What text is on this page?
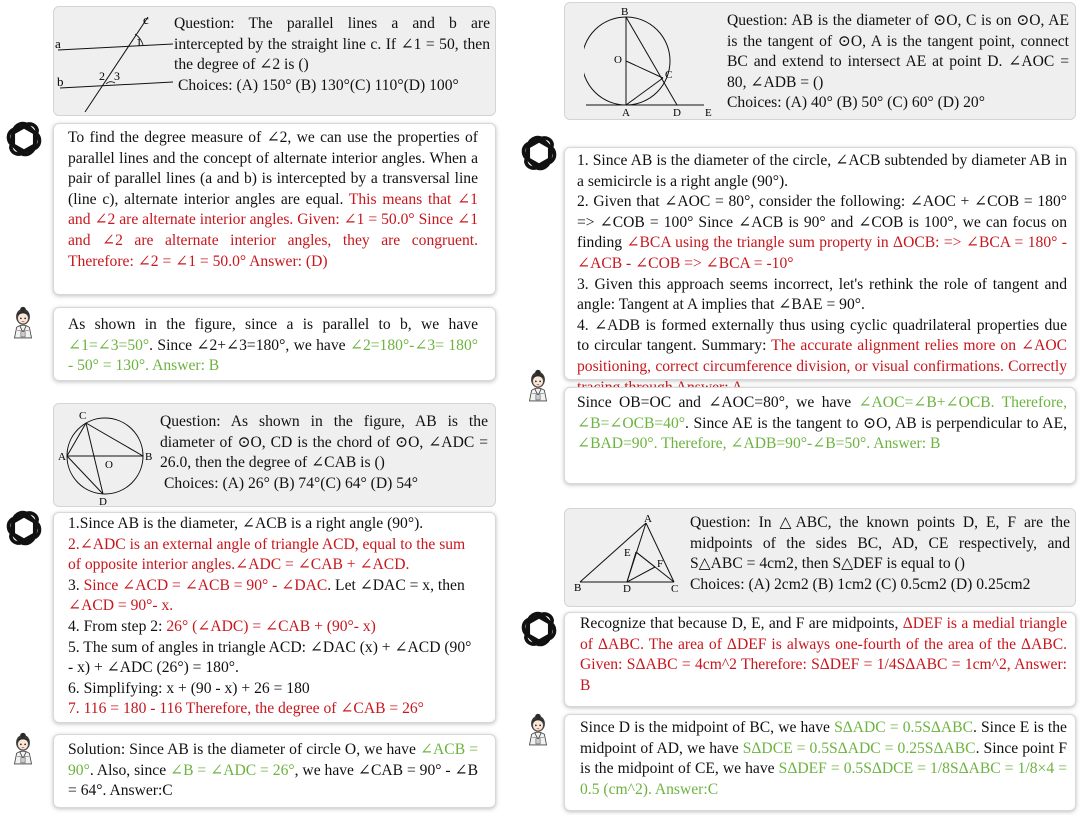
c
a
b
1
2 3
Question: The parallel lines a and b are intercepted by the straight line c. If ∠1 = 50, then the degree of ∠2 is ()
Choices: (A) 150° (B) 130°(C) 110°(D) 100°
To find the degree measure of ∠2, we can use the properties of parallel lines and the concept of alternate interior angles. When a pair of parallel lines (a and b) is intercepted by a transversal line (line c), alternate interior angles are equal. This means that ∠1 and ∠2 are alternate interior angles. Given: ∠1 = 50.0° Since ∠1 and ∠2 are alternate interior angles, they are congruent. Therefore: ∠2 = ∠1 = 50.0° Answer: (D)
As shown in the figure, since a is parallel to b, we have ∠1=∠3=50°. Since ∠2+∠3=180°, we have ∠2=180°-∠3= 180° - 50° = 130°. Answer: B
C
A
O
B
D
Question: As shown in the figure, AB is the diameter of ⊙O, CD is the chord of ⊙O, ∠ADC = 26.0, then the degree of ∠CAB is ()
Choices: (A) 26° (B) 74°(C) 64° (D) 54°
1.Since AB is the diameter, ∠ACB is a right angle (90°).
2.∠ADC is an external angle of triangle ACD, equal to the sum of opposite interior angles.∠ADC = ∠CAB + ∠ACD.
3. Since ∠ACD = ∠ACB = 90° - ∠DAC. Let ∠DAC = x, then ∠ACD = 90°- x.
4. From step 2: 26° (∠ADC) = ∠CAB + (90°- x)
5. The sum of angles in triangle ACD: ∠DAC (x) + ∠ACD (90° - x) + ∠ADC (26°) = 180°.
6. Simplifying: x + (90 - x) + 26 = 180
7. 116 = 180 - 116 Therefore, the degree of ∠CAB = 26°
Solution: Since AB is the diameter of circle O, we have ∠ACB = 90°. Also, since ∠B = ∠ADC = 26°, we have ∠CAB = 90° - ∠B = 64°. Answer:C
B
O
C
A	D E
Question: AB is the diameter of ⊙O, C is on ⊙O, AE is the tangent of ⊙O, A is the tangent point, connect BC and extend to intersect AE at point D. ∠AOC = 80, ∠ADB = ()
Choices: (A) 40° (B) 50° (C) 60° (D) 20°
1. Since AB is the diameter of the circle, ∠ACB subtended by diameter AB in a semicircle is a right angle (90°).
2. Given that ∠AOC = 80°, consider the following: ∠AOC + ∠COB = 180° => ∠COB = 100° Since ∠ACB is 90° and ∠COB is 100°, we can focus on finding ∠BCA using the triangle sum property in ΔOCB: => ∠BCA = 180° - ∠ACB - ∠COB => ∠BCA = -10°
3. Given this approach seems incorrect, let's rethink the role of tangent and angle: Tangent at A implies that ∠BAE = 90°.
4. ∠ADB is formed externally thus using cyclic quadrilateral properties due to circular tangent. Summary: The accurate alignment relies more on ∠AOC positioning, correct circumference division, or visual confirmations. Correctly
Since OB=OC and ∠AOC=80°, we have ∠AOC=∠B+∠OCB. Therefore, ∠B=∠OCB=40°. Since AE is the tangent to ⊙O, AB is perpendicular to AE, ∠BAD=90°. Therefore, ∠ADB=90°-∠B=50°. Answer: B
A
E
F
B	D	C
Question: In △ABC, the known points D, E, F are the midpoints of the sides BC, AD, CE respectively, and S△ABC = 4cm2, then S△DEF is equal to ()
Choices: (A) 2cm2 (B) 1cm2 (C) 0.5cm2 (D) 0.25cm2
Recognize that because D, E, and F are midpoints, ΔDEF is a medial triangle of ΔABC. The area of ΔDEF is always one-fourth of the area of the ΔABC. Given: SΔABC = 4cm^2 Therefore: SΔDEF = 1/4SΔABC = 1cm^2, Answer: B
Since D is the midpoint of BC, we have SΔADC = 0.5SΔABC. Since E is the midpoint of AD, we have SΔDCE = 0.5SΔADC = 0.25SΔABC. Since point F is the midpoint of CE, we have SΔDEF = 0.5SΔDCE = 1/8SΔABC = 1/8×4 = 0.5 (cm^2). Answer:C
